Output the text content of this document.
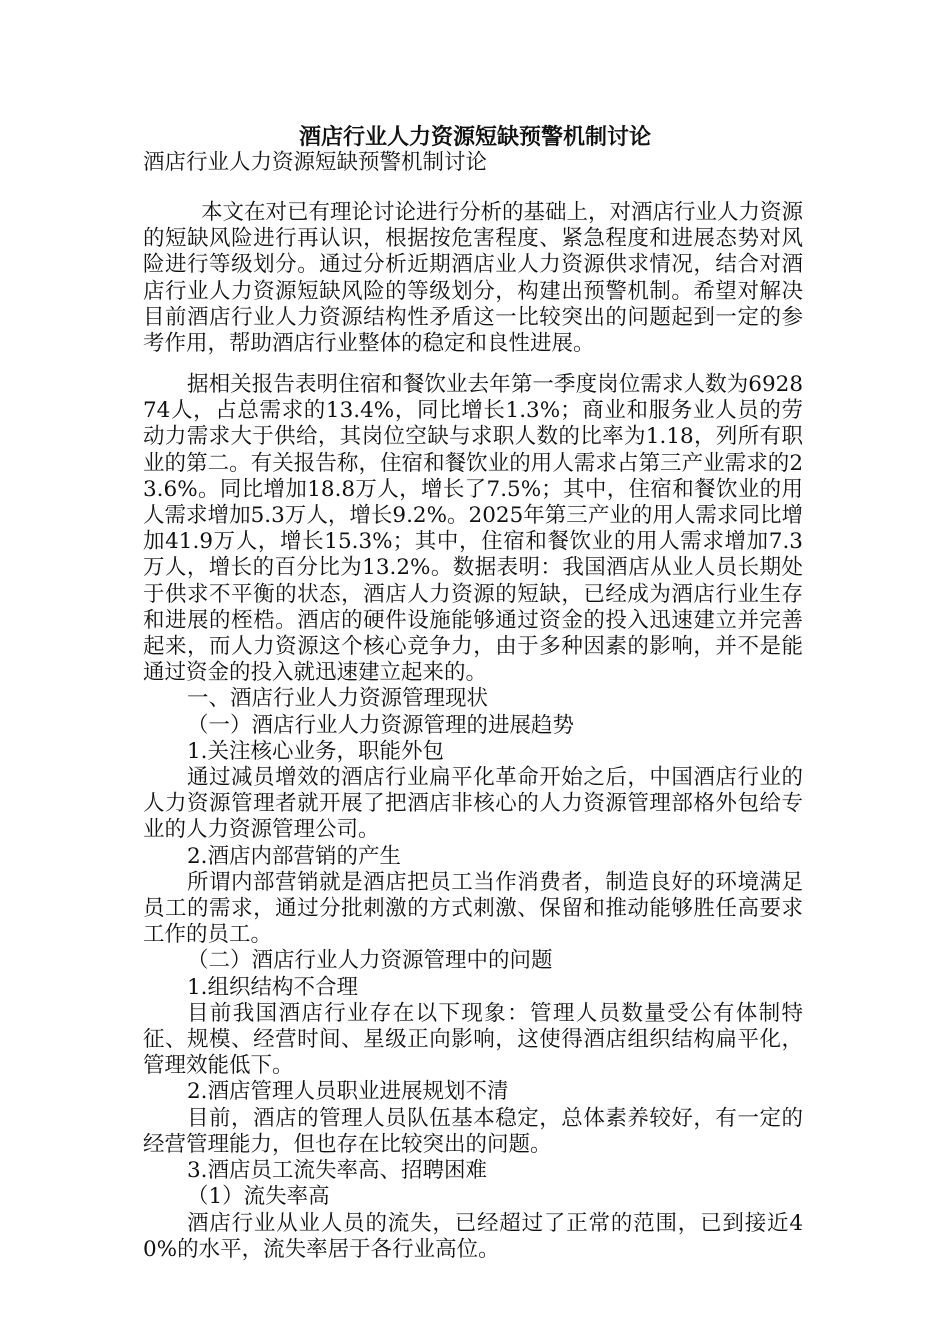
酒店行业人力资源短缺预警机制讨论
酒店行业人力资源短缺预警机制讨论
本文在对已有理论讨论进行分析的基础上，对酒店行业人力资源的短缺风险进行再认识，根据按危害程度、紧急程度和进展态势对风险进行等级划分。通过分析近期酒店业人力资源供求情况，结合对酒店行业人力资源短缺风险的等级划分，构建出预警机制。希望对解决目前酒店行业人力资源结构性矛盾这一比较突出的问题起到一定的参考作用，帮助酒店行业整体的稳定和良性进展。

据相关报告表明住宿和餐饮业去年第一季度岗位需求人数为692874人，占总需求的13.4%，同比增长1.3%；商业和服务业人员的劳动力需求大于供给，其岗位空缺与求职人数的比率为1.18，列所有职业的第二。有关报告称，住宿和餐饮业的用人需求占第三产业需求的23.6%。同比增加18.8万人，增长了7.5%；其中，住宿和餐饮业的用人需求增加5.3万人，增长9.2%。2025年第三产业的用人需求同比增加41.9万人，增长15.3%；其中，住宿和餐饮业的用人需求增加7.3万人，增长的百分比为13.2%。数据表明：我国酒店从业人员长期处于供求不平衡的状态，酒店人力资源的短缺，已经成为酒店行业生存和进展的桎梏。酒店的硬件设施能够通过资金的投入迅速建立并完善起来，而人力资源这个核心竞争力，由于多种因素的影响，并不是能通过资金的投入就迅速建立起来的。

一、酒店行业人力资源管理现状

（一）酒店行业人力资源管理的进展趋势

1.关注核心业务，职能外包

通过减员增效的酒店行业扁平化革命开始之后，中国酒店行业的人力资源管理者就开展了把酒店非核心的人力资源管理部格外包给专业的人力资源管理公司。

2.酒店内部营销的产生

所谓内部营销就是酒店把员工当作消费者，制造良好的环境满足员工的需求，通过分批刺激的方式刺激、保留和推动能够胜任高要求工作的员工。

（二）酒店行业人力资源管理中的问题

1.组织结构不合理

目前我国酒店行业存在以下现象：管理人员数量受公有体制特征、规模、经营时间、星级正向影响，这使得酒店组织结构扁平化，管理效能低下。

2.酒店管理人员职业进展规划不清

目前，酒店的管理人员队伍基本稳定，总体素养较好，有一定的经营管理能力，但也存在比较突出的问题。

3.酒店员工流失率高、招聘困难

（1）流失率高

酒店行业从业人员的流失，已经超过了正常的范围，已到接近40%的水平，流失率居于各行业高位。
